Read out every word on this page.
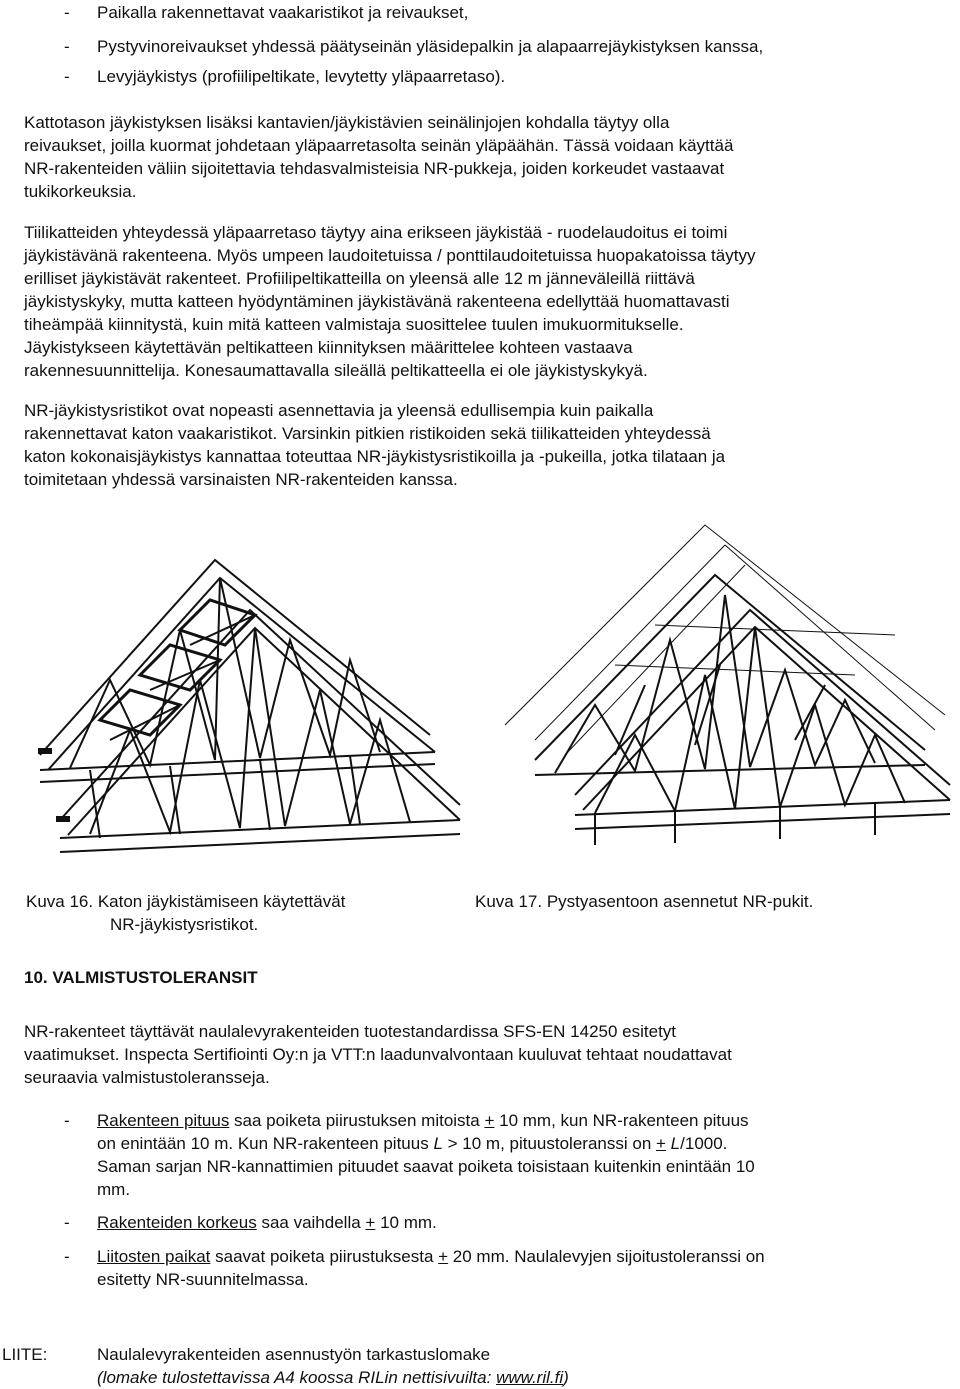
- Paikalla rakennettavat vaakaristikot ja reivaukset,
- Pystyvinoreivaukset yhdessä päätyseinän yläsidepalkin ja alapaarrejäykistyksen kanssa,
- Levyjäykistys (profiilipeltikate, levytetty yläpaarretaso).
Kattotason jäykistyksen lisäksi kantavien/jäykistävien seinälinjojen kohdalla täytyy olla
reivaukset, joilla kuormat johdetaan yläpaarretasolta seinän yläpäähän. Tässä voidaan käyttää
NR-rakenteiden väliin sijoitettavia tehdasvalmisteisia NR-pukkeja, joiden korkeudet vastaavat
tukikorkeuksia.
Tiilikatteiden yhteydessä yläpaarretaso täytyy aina erikseen jäykistää - ruodelaudoitus ei toimi
jäykistävänä rakenteena. Myös umpeen laudoitetuissa / ponttilaudoitetuissa huopakatoissa täytyy
erilliset jäykistävät rakenteet. Profiilipeltikatteilla on yleensä alle 12 m jänneväleillä riittävä
jäykistyskyky, mutta katteen hyödyntäminen jäykistävänä rakenteena edellyttää huomattavasti
tiheämpää kiinnitystä, kuin mitä katteen valmistaja suosittelee tuulen imukuormitukselle.
Jäykistykseen käytettävän peltikatteen kiinnityksen määrittelee kohteen vastaava
rakennesuunnittelija. Konesaumattavalla sileällä peltikatteella ei ole jäykistyskykyä.
NR-jäykistysristikot ovat nopeasti asennettavia ja yleensä edullisempia kuin paikalla
rakennettavat katon vaakaristikot. Varsinkin pitkien ristikoiden sekä tiilikatteiden yhteydessä
katon kokonaisjäykistys kannattaa toteuttaa NR-jäykistysristikoilla ja -pukeilla, jotka tilataan ja
toimitetaan yhdessä varsinaisten NR-rakenteiden kanssa.
Kuva 16. Katon jäykistämiseen käytettävät
NR-jäykistysristikot.
Kuva 17. Pystyasentoon asennetut NR-pukit.
10. VALMISTUSTOLERANSIT
NR-rakenteet täyttävät naulalevyrakenteiden tuotestandardissa SFS-EN 14250 esitetyt
vaatimukset. Inspecta Sertifiointi Oy:n ja VTT:n laadunvalvontaan kuuluvat tehtaat noudattavat
seuraavia valmistustoleransseja.
- Rakenteen pituus saa poiketa piirustuksen mitoista + 10 mm, kun NR-rakenteen pituus
on enintään 10 m. Kun NR-rakenteen pituus L > 10 m, pituustoleranssi on + L/1000.
Saman sarjan NR-kannattimien pituudet saavat poiketa toisistaan kuitenkin enintään 10
mm.
- Rakenteiden korkeus saa vaihdella + 10 mm.
- Liitosten paikat saavat poiketa piirustuksesta + 20 mm. Naulalevyjen sijoitustoleranssi on
esitetty NR-suunnitelmassa.
LIITE:	Naulalevyrakenteiden asennustyön tarkastuslomake
(lomake tulostettavissa A4 koossa RILin nettisivuilta: www.ril.fi)
